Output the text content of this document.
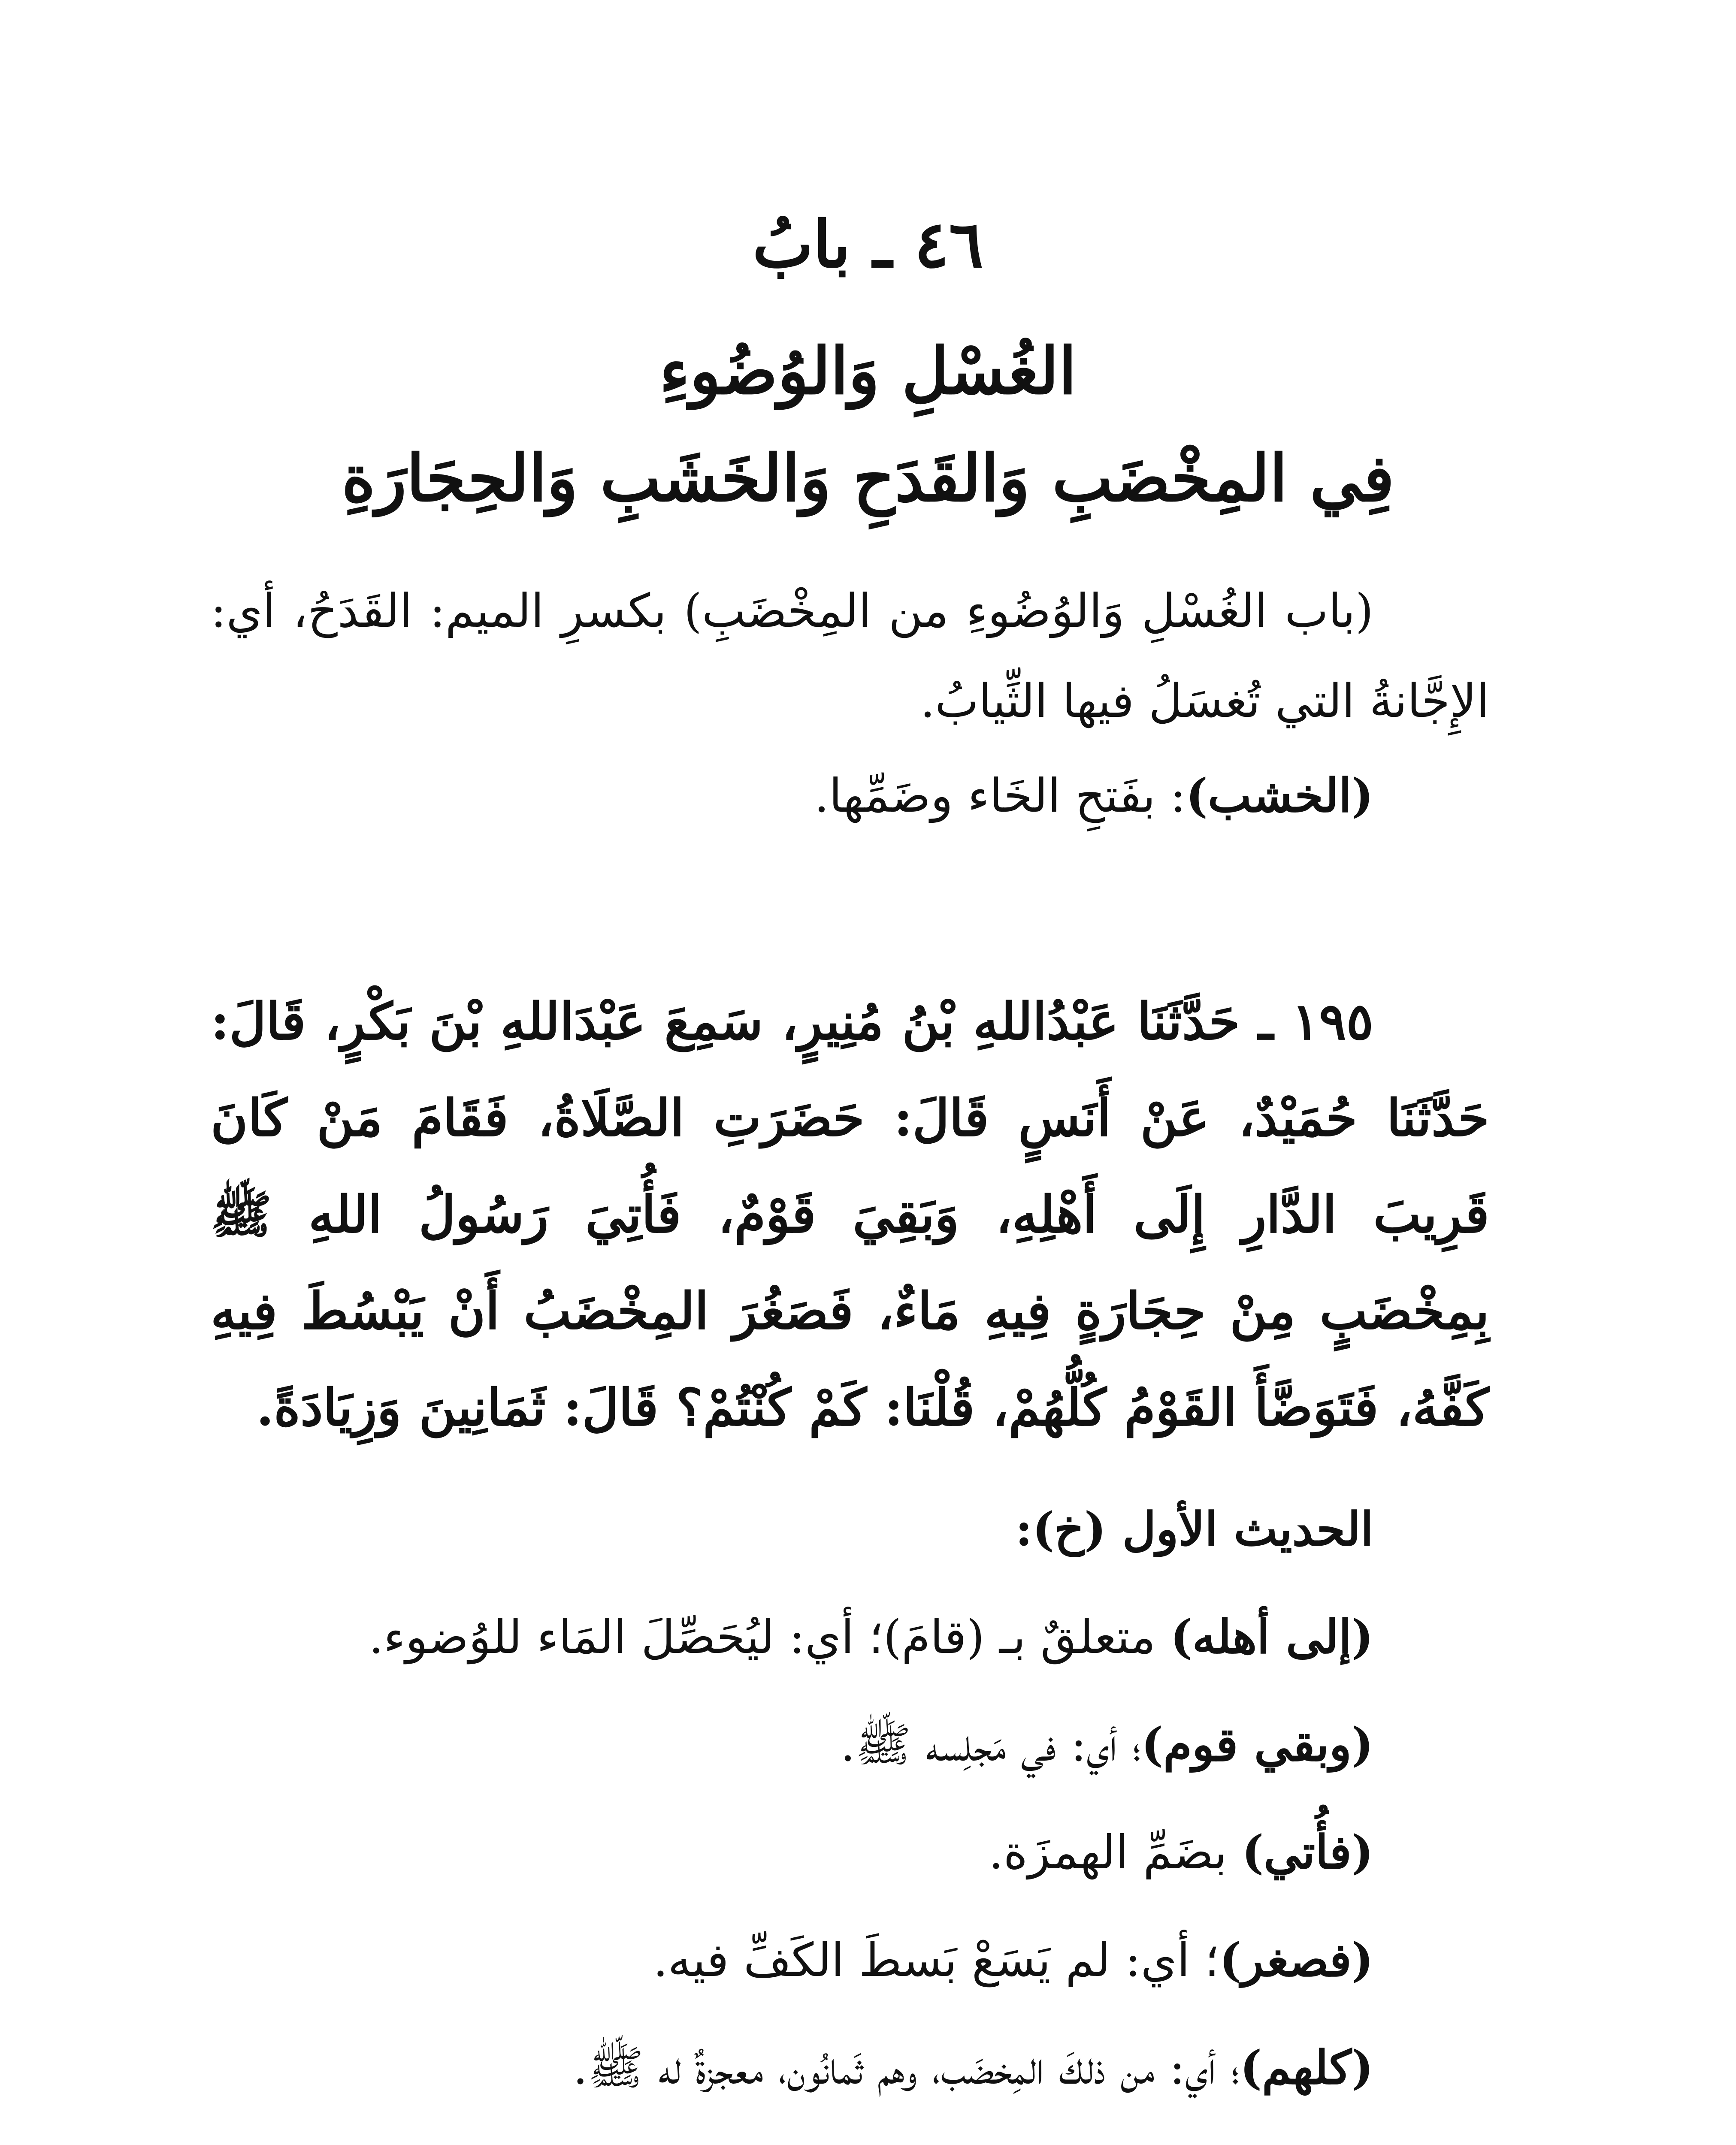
٤٦ ـ بابُ
الغُسْلِ وَالوُضُوءِ
فِي المِخْضَبِ وَالقَدَحِ وَالخَشَبِ وَالحِجَارَةِ

(باب الغُسْلِ وَالوُضُوءِ من المِخْضَبِ) بكسرِ الميم: القَدَحُ، أي: الإِجَّانةُ التي تُغسَلُ فيها الثِّيابُ.

(الخشب): بفَتحِ الخَاء وضَمِّها.

١٩٥ ـ حَدَّثَنَا عَبْدُاللهِ بْنُ مُنِيرٍ، سَمِعَ عَبْدَاللهِ بْنَ بَكْرٍ، قَالَ: حَدَّثَنَا حُمَيْدٌ، عَنْ أَنَسٍ قَالَ: حَضَرَتِ الصَّلَاةُ، فَقَامَ مَنْ كَانَ قَرِيبَ الدَّارِ إِلَى أَهْلِهِ، وَبَقِيَ قَوْمٌ، فَأُتِيَ رَسُولُ اللهِ ﷺ بِمِخْضَبٍ مِنْ حِجَارَةٍ فِيهِ مَاءٌ، فَصَغُرَ المِخْضَبُ أَنْ يَبْسُطَ فِيهِ كَفَّهُ، فَتَوَضَّأَ القَوْمُ كُلُّهُمْ، قُلْنَا: كَمْ كُنْتُمْ؟ قَالَ: ثَمَانِينَ وَزِيَادَةً.

الحديث الأول (خ):
(إلى أهله) متعلقٌ بـ (قامَ)؛ أي: ليُحَصِّلَ المَاء للوُضوء.
(وبقي قوم)؛ أي: في مَجلِسه ﷺ.
(فأُتي) بضَمِّ الهمزَة.
(فصغر)؛ أي: لم يَسَعْ بَسطَ الكَفِّ فيه.
(كلهم)؛ أي: من ذلكَ المِخضَب، وهم ثَمانُون، معجزةٌ له ﷺ.
